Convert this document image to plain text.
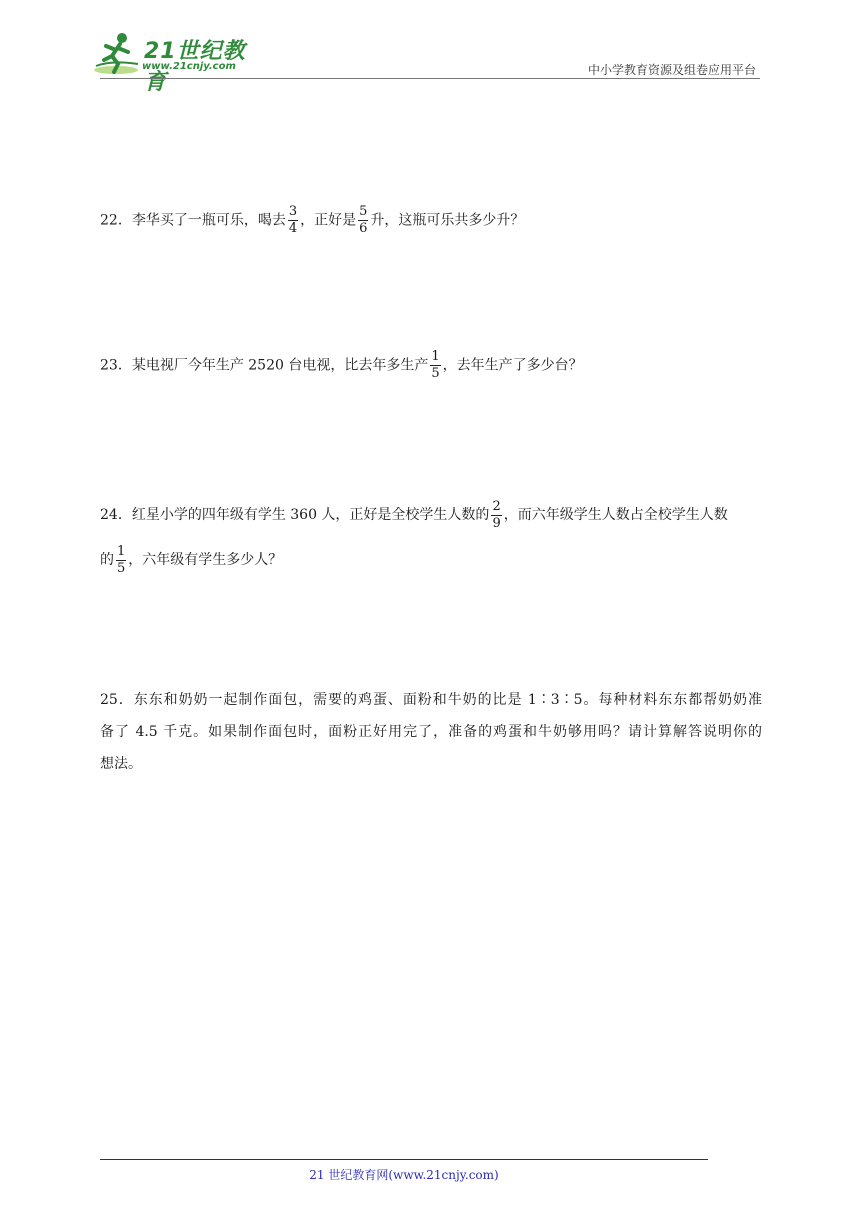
21世纪教育
www.21cnjy.com	中小学教育资源及组卷应用平台
22．李华买了一瓶可乐，喝去 $\frac{3}{4}$ ，正好是 $\frac{5}{6}$ 升，这瓶可乐共多少升？
23．某电视厂今年生产 2520 台电视，比去年多生产 $\frac{1}{5}$ ，去年生产了多少台？
24．红星小学的四年级有学生 360 人，正好是全校学生人数的 $\frac{2}{9}$ ，而六年级学生人数占全校学生人数
的 $\frac{1}{5}$ ，六年级有学生多少人？
25．东东和奶奶一起制作面包，需要的鸡蛋、面粉和牛奶的比是 1∶3∶5。每种材料东东都帮奶奶准
备了 4.5 千克。如果制作面包时，面粉正好用完了，准备的鸡蛋和牛奶够用吗？请计算解答说明你的
想法。
21 世纪教育网(www.21cnjy.com)
